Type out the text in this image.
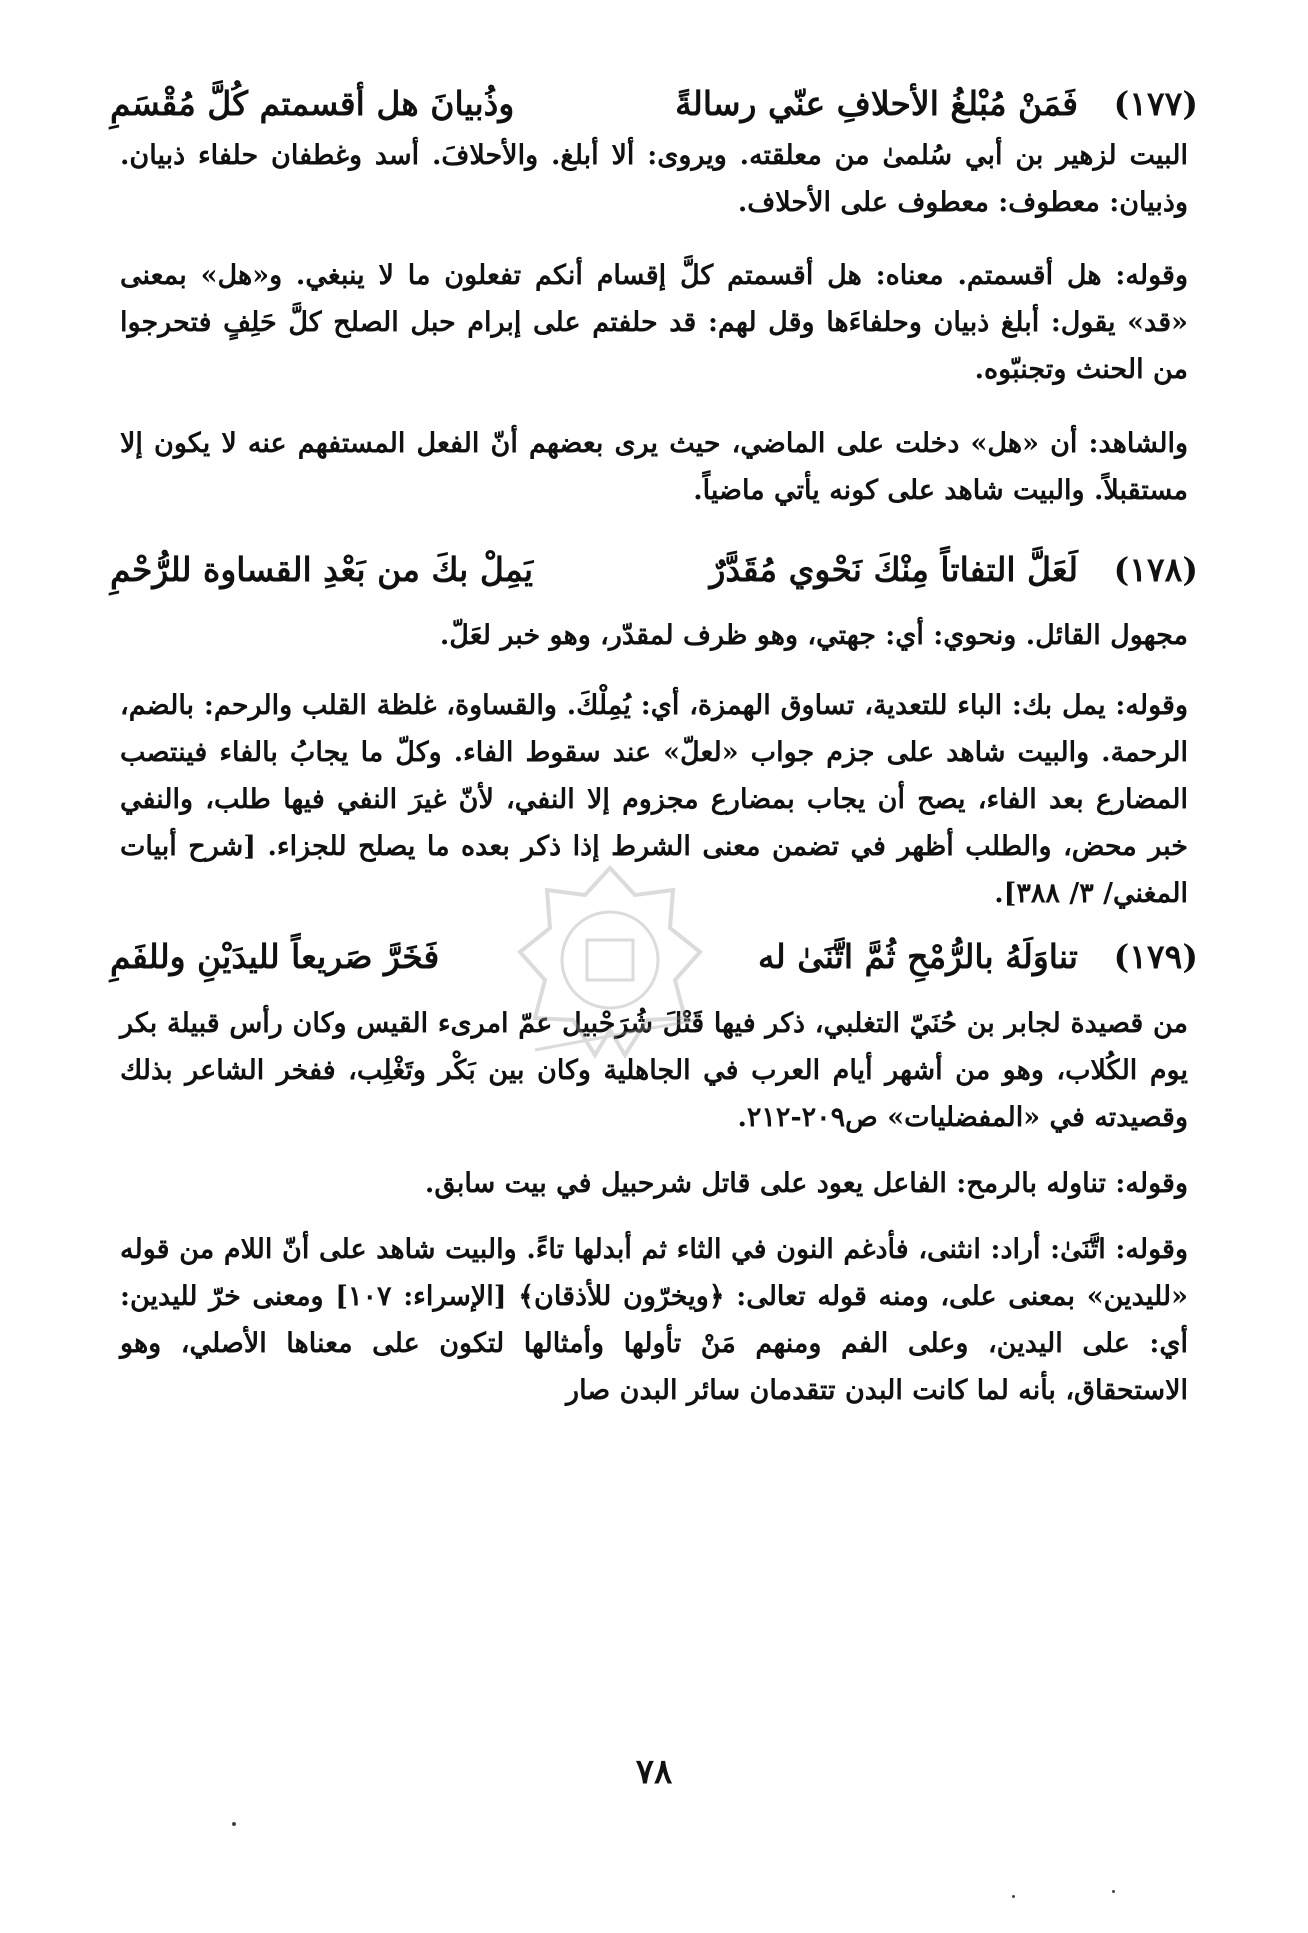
(١٧٧)
فَمَنْ مُبْلغُ الأحلافِ عنّي رسالةً
وذُبيانَ هل أقسمتم كُلَّ مُقْسَمِ

البيت لزهير بن أبي سُلمىٰ من معلقته. ويروى: ألا أبلغ. والأحلافَ. أسد وغطفان حلفاء ذبيان. وذبيان: معطوف: معطوف على الأحلاف.

وقوله: هل أقسمتم. معناه: هل أقسمتم كلَّ إقسام أنكم تفعلون ما لا ينبغي. و«هل» بمعنى «قد» يقول: أبلغ ذبيان وحلفاءَها وقل لهم: قد حلفتم على إبرام حبل الصلح كلَّ حَلِفٍ فتحرجوا من الحنث وتجنبّوه.

والشاهد: أن «هل» دخلت على الماضي، حيث يرى بعضهم أنّ الفعل المستفهم عنه لا يكون إلا مستقبلاً. والبيت شاهد على كونه يأتي ماضياً.

(١٧٨)
لَعَلَّ التفاتاً مِنْكَ نَحْوي مُقَدَّرٌ
يَمِلْ بكَ من بَعْدِ القساوة للرُّحْمِ

مجهول القائل. ونحوي: أي: جهتي، وهو ظرف لمقدّر، وهو خبر لعَلّ.

وقوله: يمل بك: الباء للتعدية، تساوق الهمزة، أي: يُمِلْكَ. والقساوة، غلظة القلب والرحم: بالضم، الرحمة. والبيت شاهد على جزم جواب «لعلّ» عند سقوط الفاء. وكلّ ما يجابُ بالفاء فينتصب المضارع بعد الفاء، يصح أن يجاب بمضارع مجزوم إلا النفي، لأنّ غيرَ النفي فيها طلب، والنفي خبر محض، والطلب أظهر في تضمن معنى الشرط إذا ذكر بعده ما يصلح للجزاء. [شرح أبيات المغني/ ٣/ ٣٨٨].

(١٧٩)
تناوَلَهُ بالرُّمْحِ ثُمَّ اتَّنَىٰ له
فَخَرَّ صَريعاً لليدَيْنِ وللفَمِ

من قصيدة لجابر بن حُنَيّ التغلبي، ذكر فيها قَتْلَ شُرَحْبيل عمّ امرىء القيس وكان رأس قبيلة بكر يوم الكُلاب، وهو من أشهر أيام العرب في الجاهلية وكان بين بَكْر وتَغْلِب، ففخر الشاعر بذلك وقصيدته في «المفضليات» ص٢٠٩-٢١٢.

وقوله: تناوله بالرمح: الفاعل يعود على قاتل شرحبيل في بيت سابق.

وقوله: اتَّنَىٰ: أراد: انثنى، فأدغم النون في الثاء ثم أبدلها تاءً. والبيت شاهد على أنّ اللام من قوله «لليدين» بمعنى على، ومنه قوله تعالى: ﴿ويخرّون للأذقان﴾ [الإسراء: ١٠٧] ومعنى خرّ لليدين: أي: على اليدين، وعلى الفم ومنهم مَنْ تأولها وأمثالها لتكون على معناها الأصلي، وهو الاستحقاق، بأنه لما كانت البدن تتقدمان سائر البدن صار

٧٨
